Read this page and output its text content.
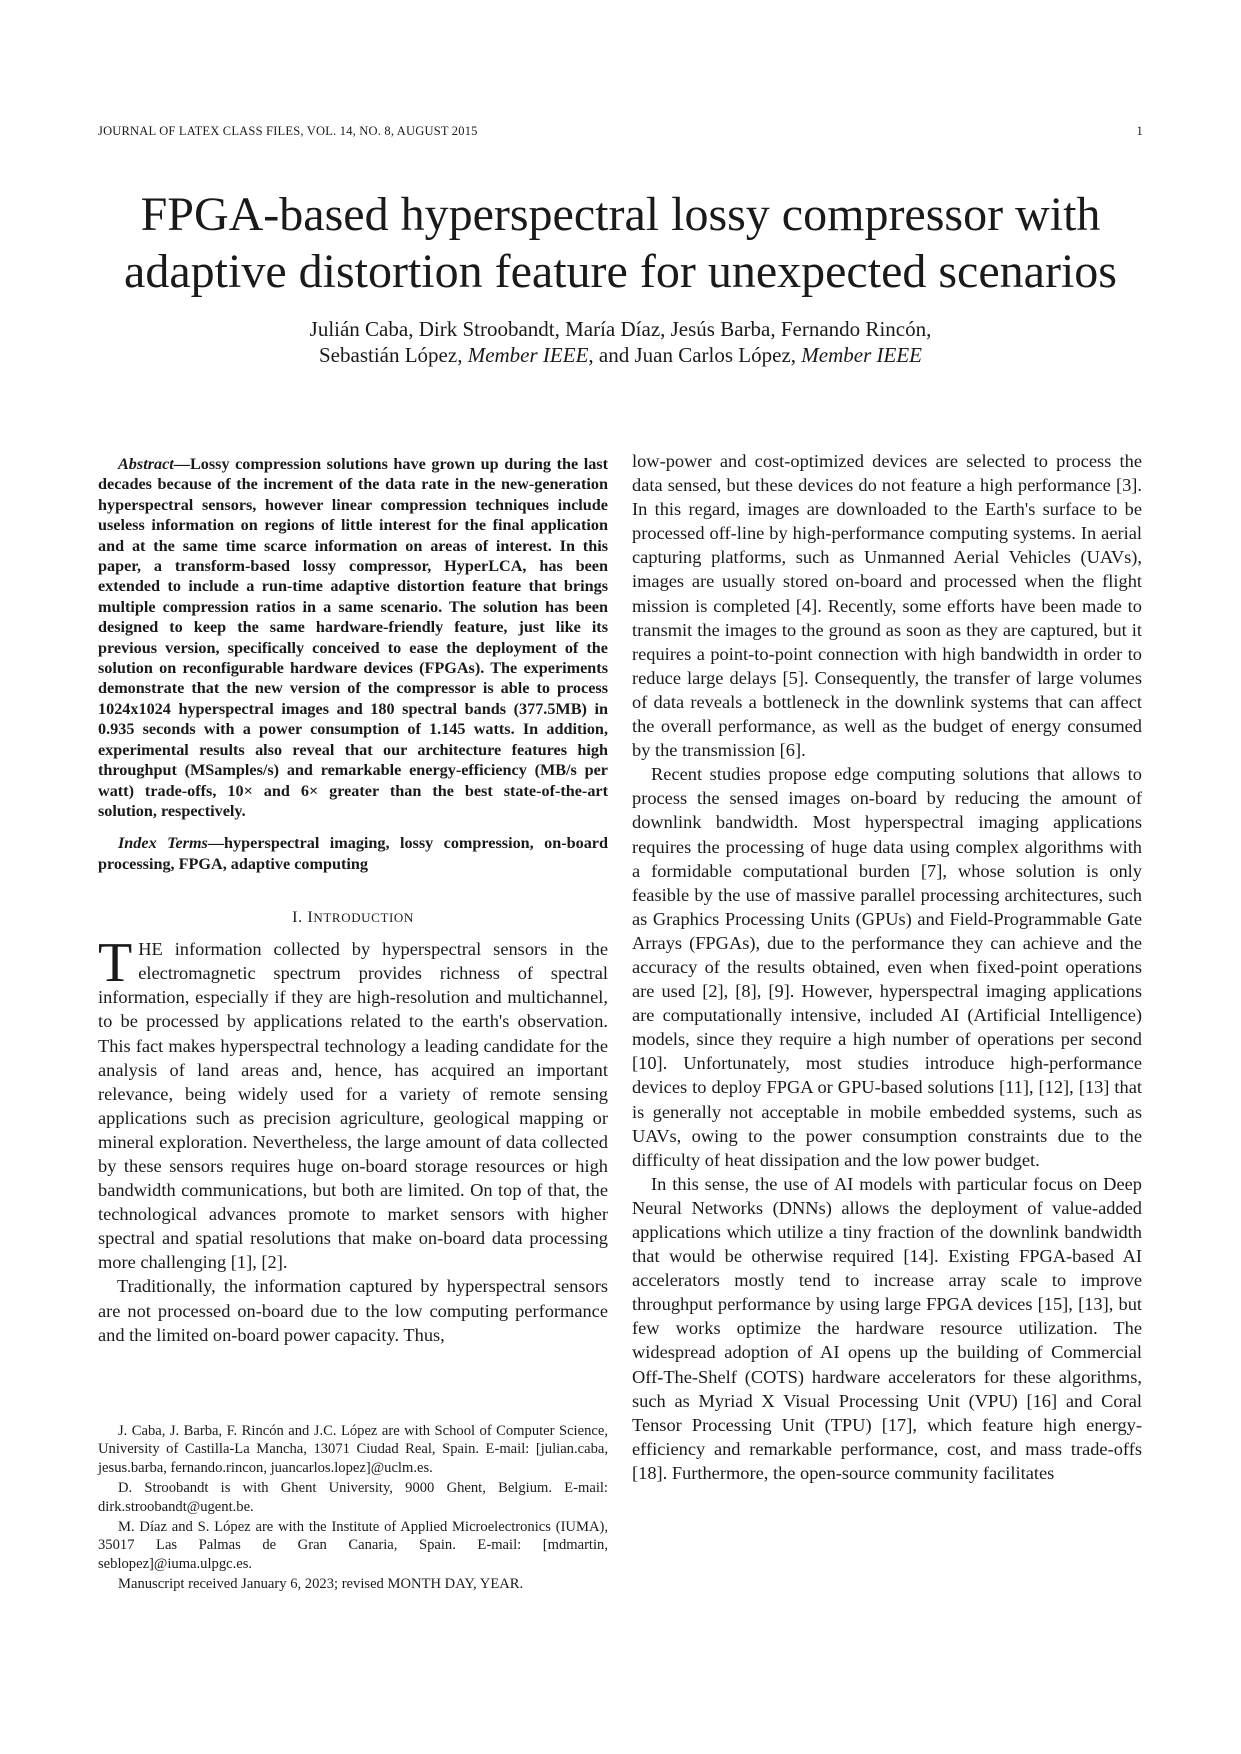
JOURNAL OF LATEX CLASS FILES, VOL. 14, NO. 8, AUGUST 2015	1
FPGA-based hyperspectral lossy compressor with adaptive distortion feature for unexpected scenarios
Julián Caba, Dirk Stroobandt, María Díaz, Jesús Barba, Fernando Rincón,
Sebastián López, Member IEEE, and Juan Carlos López, Member IEEE

Abstract—Lossy compression solutions have grown up during the last decades because of the increment of the data rate in the new-generation hyperspectral sensors, however linear compression techniques include useless information on regions of little interest for the final application and at the same time scarce information on areas of interest. In this paper, a transform-based lossy compressor, HyperLCA, has been extended to include a run-time adaptive distortion feature that brings multiple compression ratios in a same scenario. The solution has been designed to keep the same hardware-friendly feature, just like its previous version, specifically conceived to ease the deployment of the solution on reconfigurable hardware devices (FPGAs). The experiments demonstrate that the new version of the compressor is able to process 1024x1024 hyperspectral images and 180 spectral bands (377.5MB) in 0.935 seconds with a power consumption of 1.145 watts. In addition, experimental results also reveal that our architecture features high throughput (MSamples/s) and remarkable energy-efficiency (MB/s per watt) trade-offs, 10× and 6× greater than the best state-of-the-art solution, respectively.

Index Terms—hyperspectral imaging, lossy compression, on-board processing, FPGA, adaptive computing

I. INTRODUCTION

THE information collected by hyperspectral sensors in the electromagnetic spectrum provides richness of spectral information, especially if they are high-resolution and multichannel, to be processed by applications related to the earth's observation. This fact makes hyperspectral technology a leading candidate for the analysis of land areas and, hence, has acquired an important relevance, being widely used for a variety of remote sensing applications such as precision agriculture, geological mapping or mineral exploration. Nevertheless, the large amount of data collected by these sensors requires huge on-board storage resources or high bandwidth communications, but both are limited. On top of that, the technological advances promote to market sensors with higher spectral and spatial resolutions that make on-board data processing more challenging [1], [2].

Traditionally, the information captured by hyperspectral sensors are not processed on-board due to the low computing performance and the limited on-board power capacity. Thus,

low-power and cost-optimized devices are selected to process the data sensed, but these devices do not feature a high performance [3]. In this regard, images are downloaded to the Earth's surface to be processed off-line by high-performance computing systems. In aerial capturing platforms, such as Unmanned Aerial Vehicles (UAVs), images are usually stored on-board and processed when the flight mission is completed [4]. Recently, some efforts have been made to transmit the images to the ground as soon as they are captured, but it requires a point-to-point connection with high bandwidth in order to reduce large delays [5]. Consequently, the transfer of large volumes of data reveals a bottleneck in the downlink systems that can affect the overall performance, as well as the budget of energy consumed by the transmission [6].

Recent studies propose edge computing solutions that allows to process the sensed images on-board by reducing the amount of downlink bandwidth. Most hyperspectral imaging applications requires the processing of huge data using complex algorithms with a formidable computational burden [7], whose solution is only feasible by the use of massive parallel processing architectures, such as Graphics Processing Units (GPUs) and Field-Programmable Gate Arrays (FPGAs), due to the performance they can achieve and the accuracy of the results obtained, even when fixed-point operations are used [2], [8], [9]. However, hyperspectral imaging applications are computationally intensive, included AI (Artificial Intelligence) models, since they require a high number of operations per second [10]. Unfortunately, most studies introduce high-performance devices to deploy FPGA or GPU-based solutions [11], [12], [13] that is generally not acceptable in mobile embedded systems, such as UAVs, owing to the power consumption constraints due to the difficulty of heat dissipation and the low power budget.

In this sense, the use of AI models with particular focus on Deep Neural Networks (DNNs) allows the deployment of value-added applications which utilize a tiny fraction of the downlink bandwidth that would be otherwise required [14]. Existing FPGA-based AI accelerators mostly tend to increase array scale to improve throughput performance by using large FPGA devices [15], [13], but few works optimize the hardware resource utilization. The widespread adoption of AI opens up the building of Commercial Off-The-Shelf (COTS) hardware accelerators for these algorithms, such as Myriad X Visual Processing Unit (VPU) [16] and Coral Tensor Processing Unit (TPU) [17], which feature high energy-efficiency and remarkable performance, cost, and mass trade-offs [18]. Furthermore, the open-source community facilitates

J. Caba, J. Barba, F. Rincón and J.C. López are with School of Computer Science, University of Castilla-La Mancha, 13071 Ciudad Real, Spain. E-mail: [julian.caba, jesus.barba, fernando.rincon, juancarlos.lopez]@uclm.es.

D. Stroobandt is with Ghent University, 9000 Ghent, Belgium. E-mail: dirk.stroobandt@ugent.be.

M. Díaz and S. López are with the Institute of Applied Microelectronics (IUMA), 35017 Las Palmas de Gran Canaria, Spain. E-mail: [mdmartin, seblopez]@iuma.ulpgc.es.

Manuscript received January 6, 2023; revised MONTH DAY, YEAR.
